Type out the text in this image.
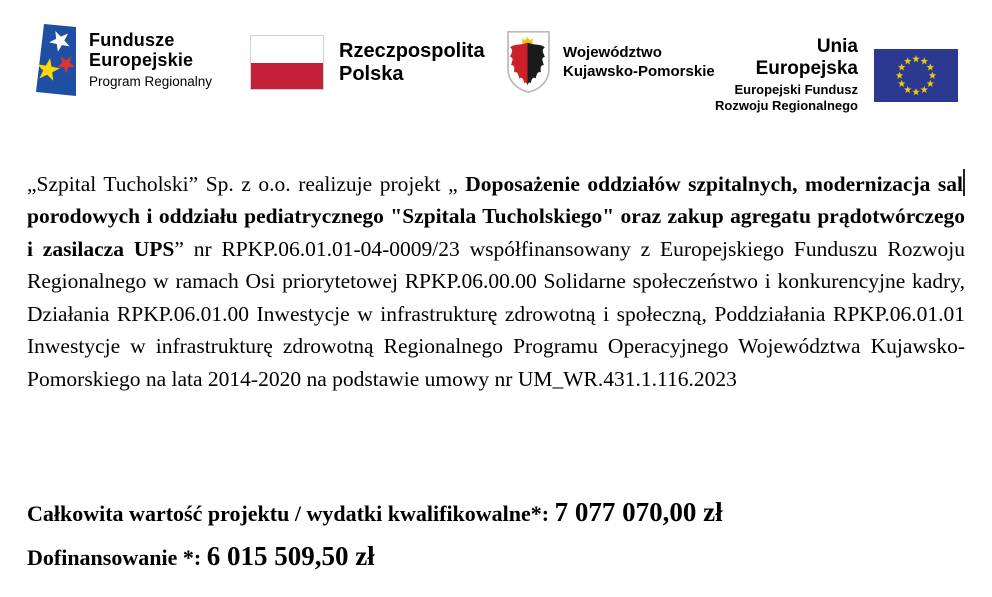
Fundusze
Europejskie
Program Regionalny
Rzeczpospolita
Polska
Województwo
Kujawsko-Pomorskie
Unia Europejska
Europejski Fundusz
Rozwoju Regionalnego

„Szpital Tucholski” Sp. z o.o. realizuje projekt „ Doposażenie oddziałów szpitalnych, modernizacja sal porodowych i oddziału pediatrycznego "Szpitala Tucholskiego" oraz zakup agregatu prądotwórczego i zasilacza UPS” nr RPKP.06.01.01-04-0009/23 współfinansowany z Europejskiego Funduszu Rozwoju Regionalnego w ramach Osi priorytetowej RPKP.06.00.00 Solidarne społeczeństwo i konkurencyjne kadry, Działania RPKP.06.01.00 Inwestycje w infrastrukturę zdrowotną i społeczną, Poddziałania RPKP.06.01.01 Inwestycje w infrastrukturę zdrowotną Regionalnego Programu Operacyjnego Województwa Kujawsko-Pomorskiego na lata 2014-2020 na podstawie umowy nr UM_WR.431.1.116.2023

Całkowita wartość projektu / wydatki kwalifikowalne*: 7 077 070,00 zł
Dofinansowanie *: 6 015 509,50 zł
